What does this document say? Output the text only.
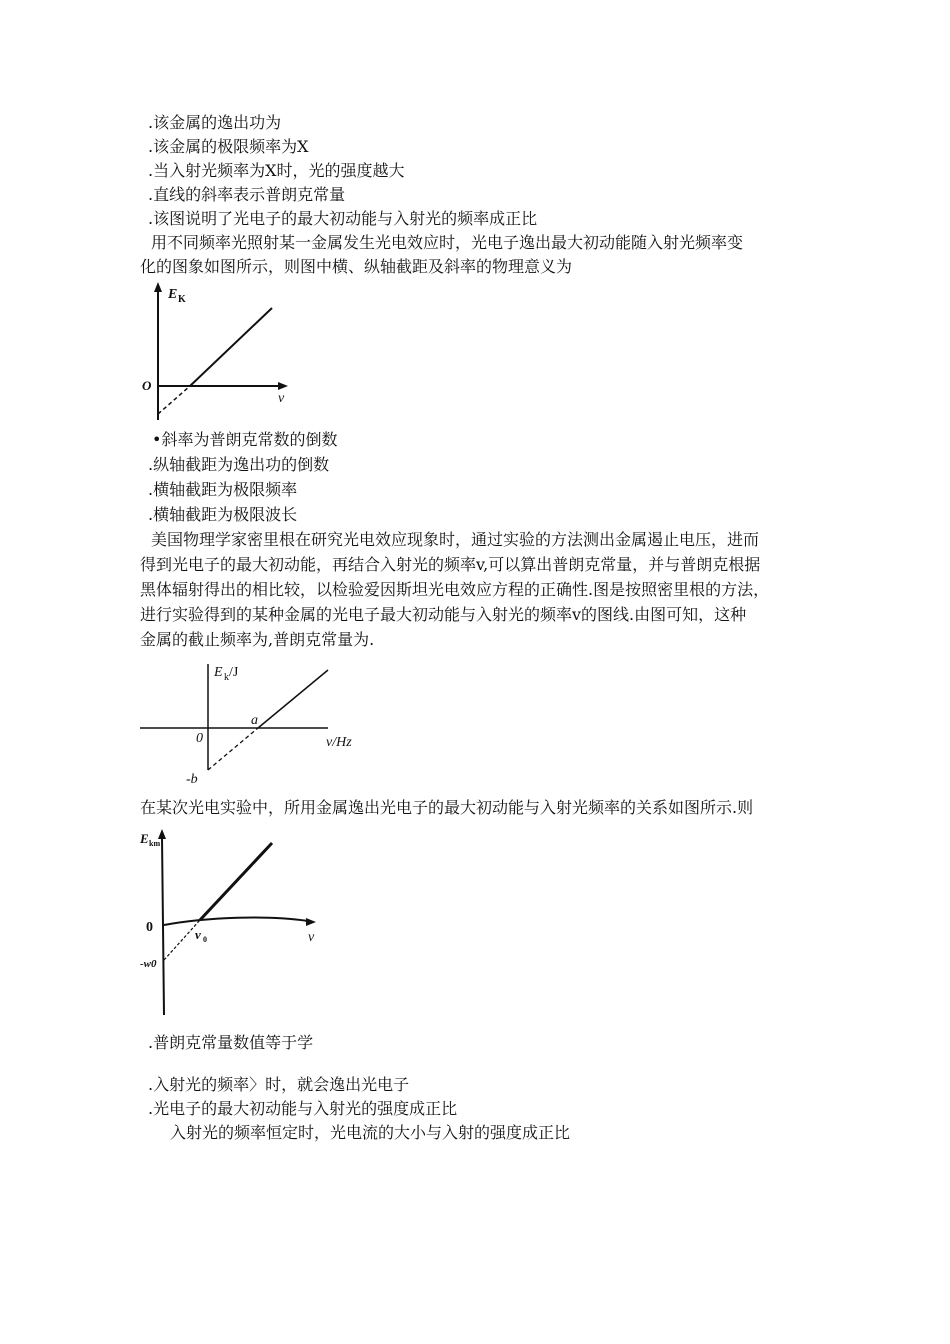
.该金属的逸出功为
.该金属的极限频率为X
.当入射光频率为X时，光的强度越大
.直线的斜率表示普朗克常量
.该图说明了光电子的最大初动能与入射光的频率成正比
用不同频率光照射某一金属发生光电效应时，光电子逸出最大初动能随入射光频率变
化的图象如图所示，则图中横、纵轴截距及斜率的物理意义为
E K
v
O
•斜率为普朗克常数的倒数
.纵轴截距为逸出功的倒数
.横轴截距为极限频率
.横轴截距为极限波长
美国物理学家密里根在研究光电效应现象时，通过实验的方法测出金属遏止电压，进而
得到光电子的最大初动能，再结合入射光的频率v,可以算出普朗克常量，并与普朗克根据
黑体辐射得出的相比较，以检验爱因斯坦光电效应方程的正确性.图是按照密里根的方法，
进行实验得到的某种金属的光电子最大初动能与入射光的频率v的图线.由图可知，这种
金属的截止频率为,普朗克常量为.
E k /J
v/Hz
0
a
-b
在某次光电实验中，所用金属逸出光电子的最大初动能与入射光频率的关系如图所示.则
E km
v
0	v 0
-w0
.普朗克常量数值等于学
.入射光的频率〉时，就会逸出光电子
.光电子的最大初动能与入射光的强度成正比
入射光的频率恒定时，光电流的大小与入射的强度成正比
